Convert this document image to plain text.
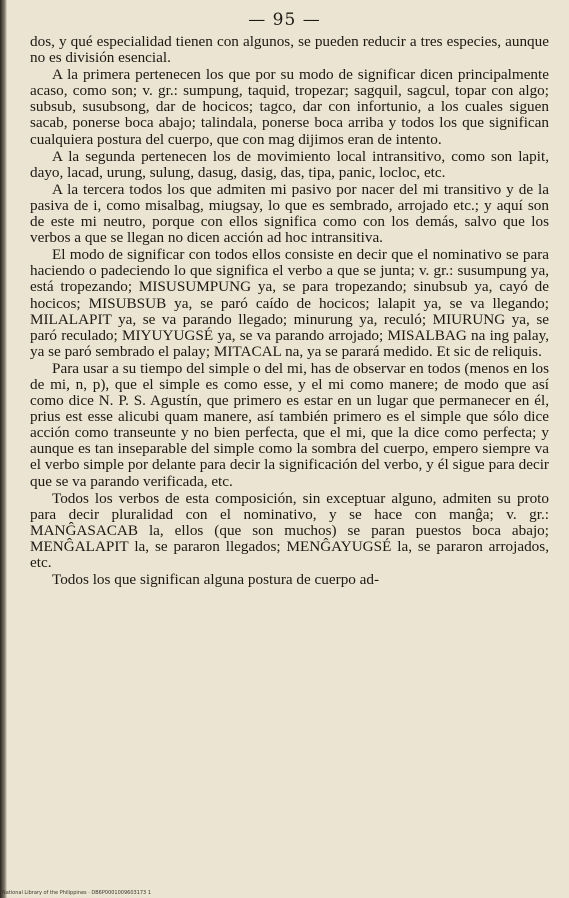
— 95 —

dos, y qué especialidad tienen con algunos, se pueden reducir a tres especies, aunque no es división esencial.

A la primera pertenecen los que por su modo de significar dicen principalmente acaso, como son; v. gr.: sumpung, taquid, tropezar; sagquil, sagcul, topar con algo; subsub, susubsong, dar de hocicos; tagco, dar con infortunio, a los cuales siguen sacab, ponerse boca abajo; talindala, ponerse boca arriba y todos los que significan cualquiera postura del cuerpo, que con mag dijimos eran de intento.

A la segunda pertenecen los de movimiento local intransitivo, como son lapit, dayo, lacad, urung, sulung, dasug, dasig, das, tipa, panic, locloc, etc.

A la tercera todos los que admiten mi pasivo por nacer del mi transitivo y de la pasiva de i, como misalbag, miugsay, lo que es sembrado, arrojado etc.; y aquí son de este mi neutro, porque con ellos significa como con los demás, salvo que los verbos a que se llegan no dicen acción ad hoc intransitiva.

El modo de significar con todos ellos consiste en decir que el nominativo se para haciendo o padeciendo lo que significa el verbo a que se junta; v. gr.: susumpung ya, está tropezando; MISUSUMPUNG ya, se para tropezando; sinubsub ya, cayó de hocicos; MISUBSUB ya, se paró caído de hocicos; lalapit ya, se va llegando; MILALAPIT ya, se va parando llegado; minurung ya, reculó; MIURUNG ya, se paró reculado; MIYUYUGSÉ ya, se va parando arrojado; MISALBAG na ing palay, ya se paró sembrado el palay; MITACAL na, ya se parará medido. Et sic de reliquis.

Para usar a su tiempo del simple o del mi, has de observar en todos (menos en los de mi, n, p), que el simple es como esse, y el mi como manere; de modo que así como dice N. P. S. Agustín, que primero es estar en un lugar que permanecer en él, prius est esse alicubi quam manere, así también primero es el simple que sólo dice acción como transeunte y no bien perfecta, que el mi, que la dice como perfecta; y aunque es tan inseparable del simple como la sombra del cuerpo, empero siempre va el verbo simple por delante para decir la significación del verbo, y él sigue para decir que se va parando verificada, etc.

Todos los verbos de esta composición, sin exceptuar alguno, admiten su proto para decir pluralidad con el nominativo, y se hace con manĝa; v. gr.: MANĜASACAB la, ellos (que son muchos) se paran puestos boca abajo; MENĜALAPIT la, se pararon llegados; MENĜAYUGSÉ la, se pararon arrojados, etc.

Todos los que significan alguna postura de cuerpo ad-

National Library of the Philippines · DB6P0001009603173 1
